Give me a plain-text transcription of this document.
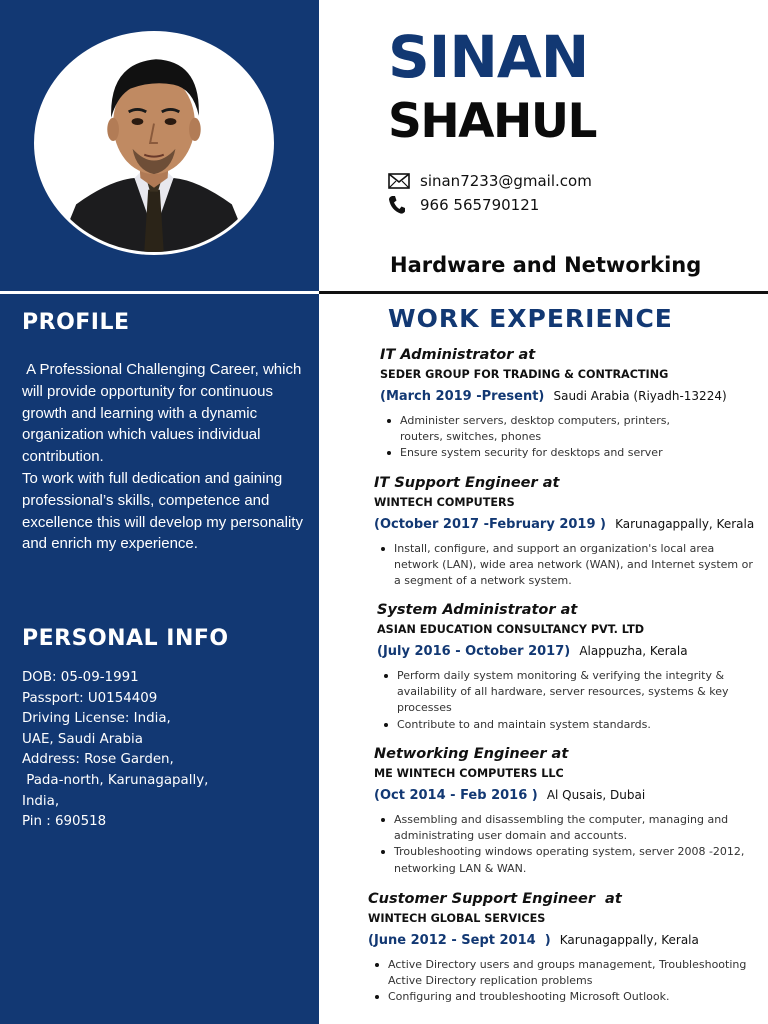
PROFILE

A Professional Challenging Career, which will provide opportunity for continuous growth and learning with a dynamic organization which values individual contribution.

To work with full dedication and gaining professional’s skills, competence and excellence this will develop my personality and enrich my experience.

PERSONAL INFO
DOB: 05-09-1991
Passport: U0154409
Driving License: India,
UAE, Saudi Arabia
Address: Rose Garden,
Pada-north, Karunagapally,
India,
Pin : 690518
SINAN
SHAHUL
sinan7233@gmail.com
966 565790121
Hardware and Networking
WORK EXPERIENCE
IT Administrator at
SEDER GROUP FOR TRADING & CONTRACTING
(March 2019 -Present) Saudi Arabia (Riyadh-13224)
Administer servers, desktop computers, printers, routers, switches, phones
Ensure system security for desktops and server
IT Support Engineer at
WINTECH COMPUTERS
(October 2017 -February 2019 ) Karunagappally, Kerala
Install, configure, and support an organization's local area network (LAN), wide area network (WAN), and Internet system or a segment of a network system.
System Administrator at
ASIAN EDUCATION CONSULTANCY PVT. LTD
(July 2016 - October 2017) Alappuzha, Kerala
Perform daily system monitoring & verifying the integrity & availability of all hardware, server resources, systems & key processes
Contribute to and maintain system standards.
Networking Engineer at
ME WINTECH COMPUTERS LLC
(Oct 2014 - Feb 2016 ) Al Qusais, Dubai
Assembling and disassembling the computer, managing and administrating user domain and accounts.
Troubleshooting windows operating system, server 2008 -2012, networking LAN & WAN.
Customer Support Engineer  at
WINTECH GLOBAL SERVICES
(June 2012 - Sept 2014  ) Karunagappally, Kerala
Active Directory users and groups management, Troubleshooting Active Directory replication problems
Configuring and troubleshooting Microsoft Outlook.
